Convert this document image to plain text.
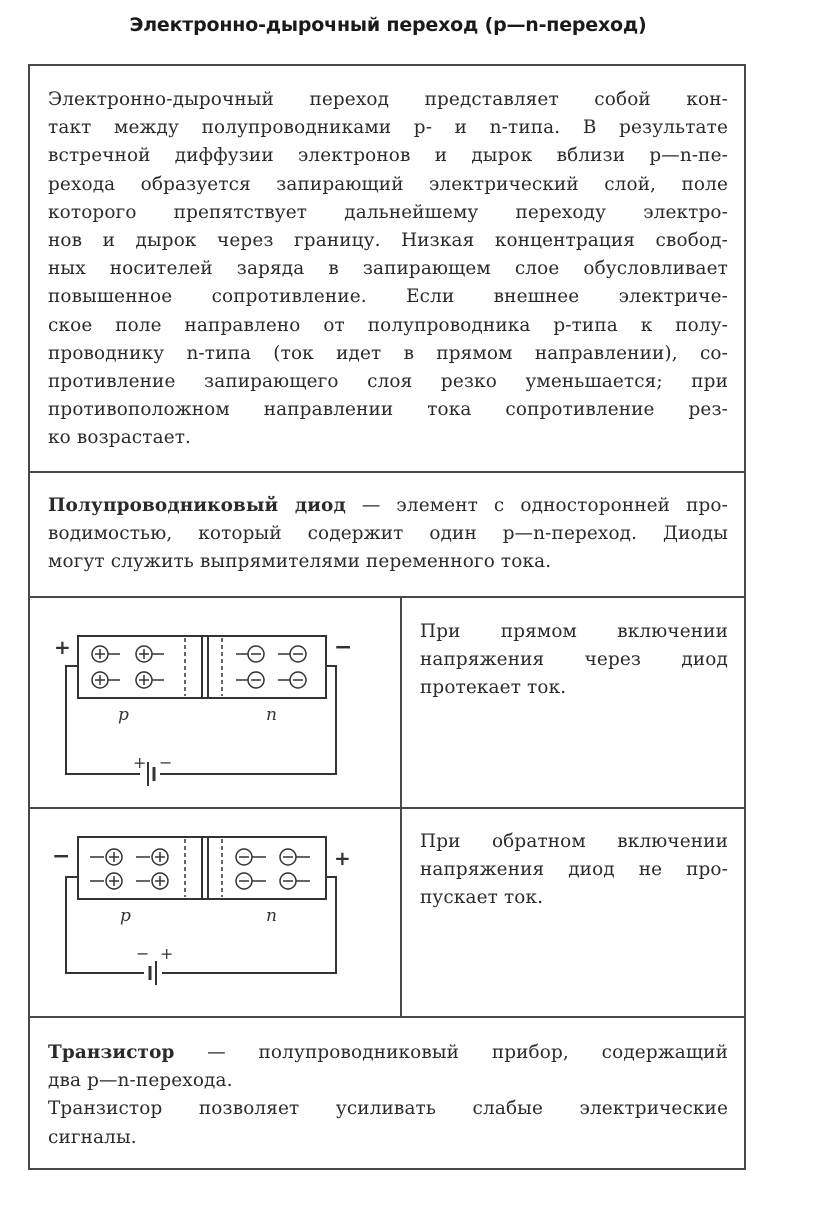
Электронно-дырочный переход (p—n-переход)
Электронно-дырочный переход представляет собой кон-
такт между полупроводниками p- и n-типа. В результате
встречной диффузии электронов и дырок вблизи p—n-пе-
рехода образуется запирающий электрический слой, поле
которого препятствует дальнейшему переходу электро-
нов и дырок через границу. Низкая концентрация свобод-
ных носителей заряда в запирающем слое обусловливает
повышенное сопротивление. Если внешнее электриче-
ское поле направлено от полупроводника p-типа к полу-
проводнику n-типа (ток идет в прямом направлении), со-
противление запирающего слоя резко уменьшается; при
противоположном направлении тока сопротивление рез-
ко возрастает.
Полупроводниковый диод — элемент с односторонней про-
водимостью, который содержит один p—n-переход. Диоды
могут служить выпрямителями переменного тока.
+ −
+	−
p	n
При прямом включении
напряжения через диод
протекает ток.
− +
−	+
p	n
При обратном включении
напряжения диод не про-
пускает ток.
Транзистор — полупроводниковый прибор, содержащий
два p—n-перехода.
Транзистор позволяет усиливать слабые электрические
сигналы.
